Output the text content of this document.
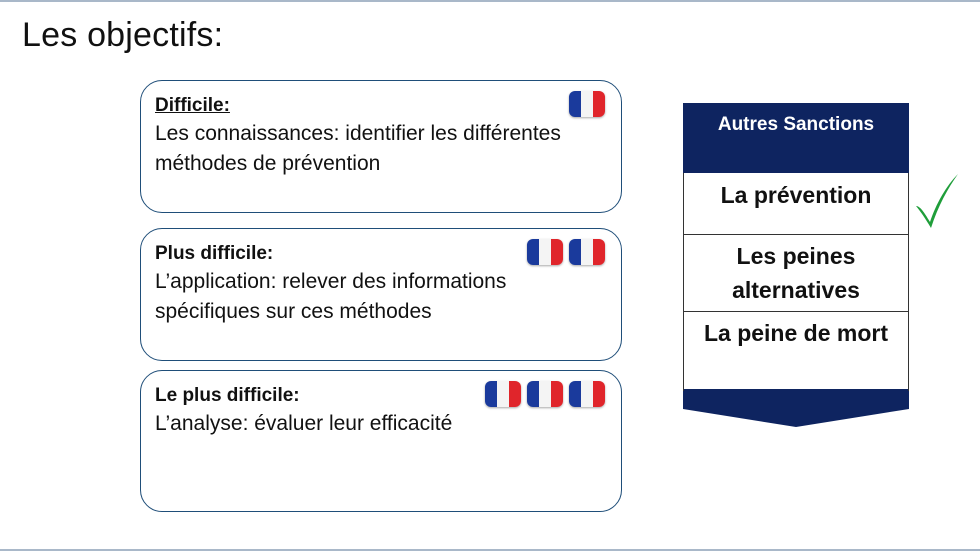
Les objectifs:
Difficile:
Les connaissances: identifier les différentes méthodes de prévention
Plus difficile:
L’application: relever des informations spécifiques sur ces méthodes
Le plus difficile:
L’analyse: évaluer leur efficacité
Autres Sanctions
La prévention
Les peines
alternatives
La peine de mort
